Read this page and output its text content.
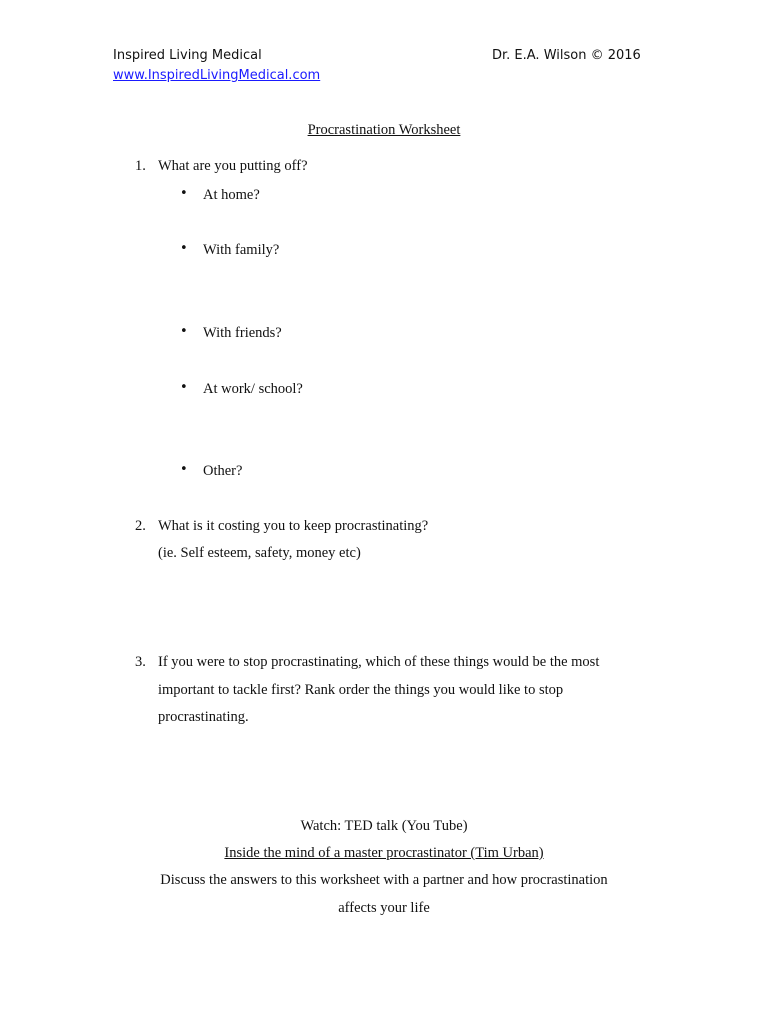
Inspired Living Medical
www.InspiredLivingMedical.com
Dr. E.A. Wilson © 2016
Procrastination Worksheet
1. What are you putting off?
• At home?
• With family?
• With friends?
• At work/ school?
• Other?
2. What is it costing you to keep procrastinating?
(ie. Self esteem, safety, money etc)
3. If you were to stop procrastinating, which of these things would be the most
important to tackle first? Rank order the things you would like to stop
procrastinating.
Watch: TED talk (You Tube)
Inside the mind of a master procrastinator (Tim Urban)
Discuss the answers to this worksheet with a partner and how procrastination
affects your life
